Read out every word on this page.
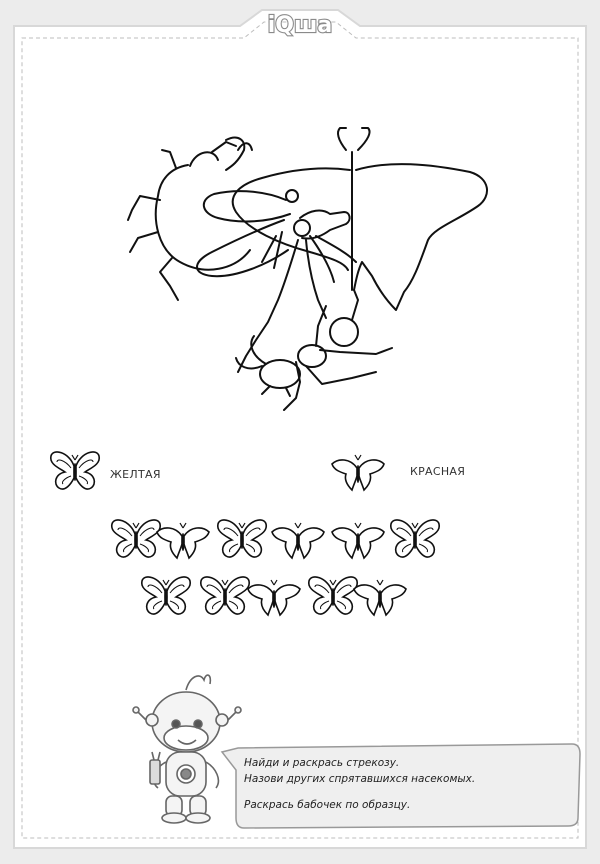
iQша
ЖЕЛТАЯ	КРАСНАЯ
Найди и раскрась стрекозу.
Назови других спрятавшихся насекомых.
Раскрась бабочек по образцу.
